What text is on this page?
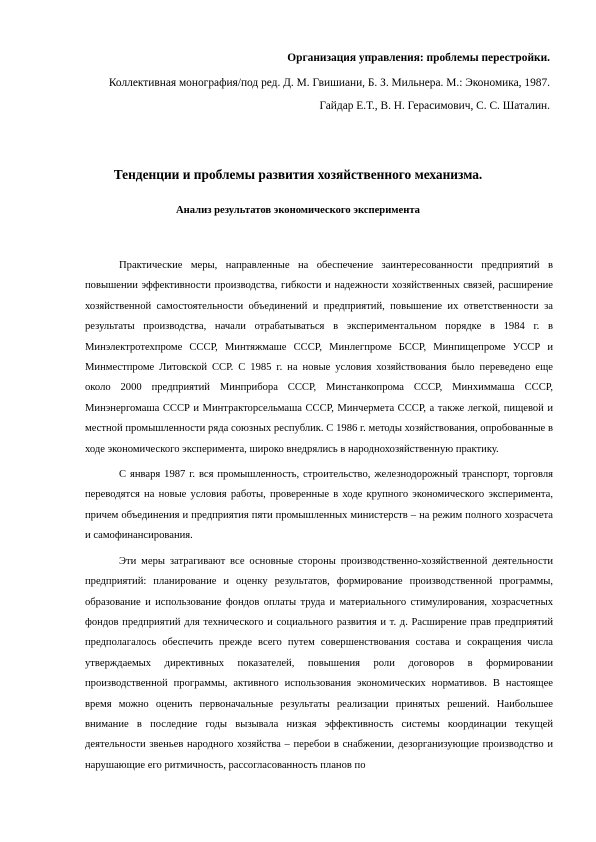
Организация управления: проблемы перестройки.
Коллективная монография/под ред. Д. М. Гвишиани, Б. З. Мильнера. М.: Экономика, 1987.
Гайдар Е.Т., В. Н. Герасимович, С. С. Шаталин.
Тенденции и проблемы развития хозяйственного механизма.
Анализ результатов экономического эксперимента

Практические меры, направленные на обеспечение заинтересованности предприятий в повышении эффективности производства, гибкости и надежности хозяйственных связей, расширение хозяйственной самостоятельности объединений и предприятий, повышение их ответственности за результаты производства, начали отрабатываться в экспериментальном порядке в 1984 г. в Минэлектротехпроме СССР, Минтяжмаше СССР, Минлегпроме БССР, Минпищепроме УССР и Минместпроме Литовской ССР. С 1985 г. на новые условия хозяйствования было переведено еще около 2000 предприятий Минприбора СССР, Минстанкопрома СССР, Минхиммаша СССР, Минэнергомаша СССР и Минтракторсельмаша СССР, Минчермета СССР, а также легкой, пищевой и местной промышленности ряда союзных республик. С 1986 г. методы хозяйствования, опробованные в ходе экономического эксперимента, широко внедрялись в народнохозяйственную практику.

С января 1987 г. вся промышленность, строительство, железнодорожный транспорт, торговля переводятся на новые условия работы, проверенные в ходе крупного экономического эксперимента, причем объединения и предприятия пяти промышленных министерств – на режим полного хозрасчета и самофинансирования.

Эти меры затрагивают все основные стороны производственно-хозяйственной деятельности предприятий: планирование и оценку результатов, формирование производственной программы, образование и использование фондов оплаты труда и материального стимулирования, хозрасчетных фондов предприятий для технического и социального развития и т. д. Расширение прав предприятий предполагалось обеспечить прежде всего путем совершенствования состава и сокращения числа утверждаемых директивных показателей, повышения роли договоров в формировании производственной программы, активного использования экономических нормативов. В настоящее время можно оценить первоначальные результаты реализации принятых решений. Наибольшее внимание в последние годы вызывала низкая эффективность системы координации текущей деятельности звеньев народного хозяйства – перебои в снабжении, дезорганизующие производство и нарушающие его ритмичность, рассогласованность планов по
